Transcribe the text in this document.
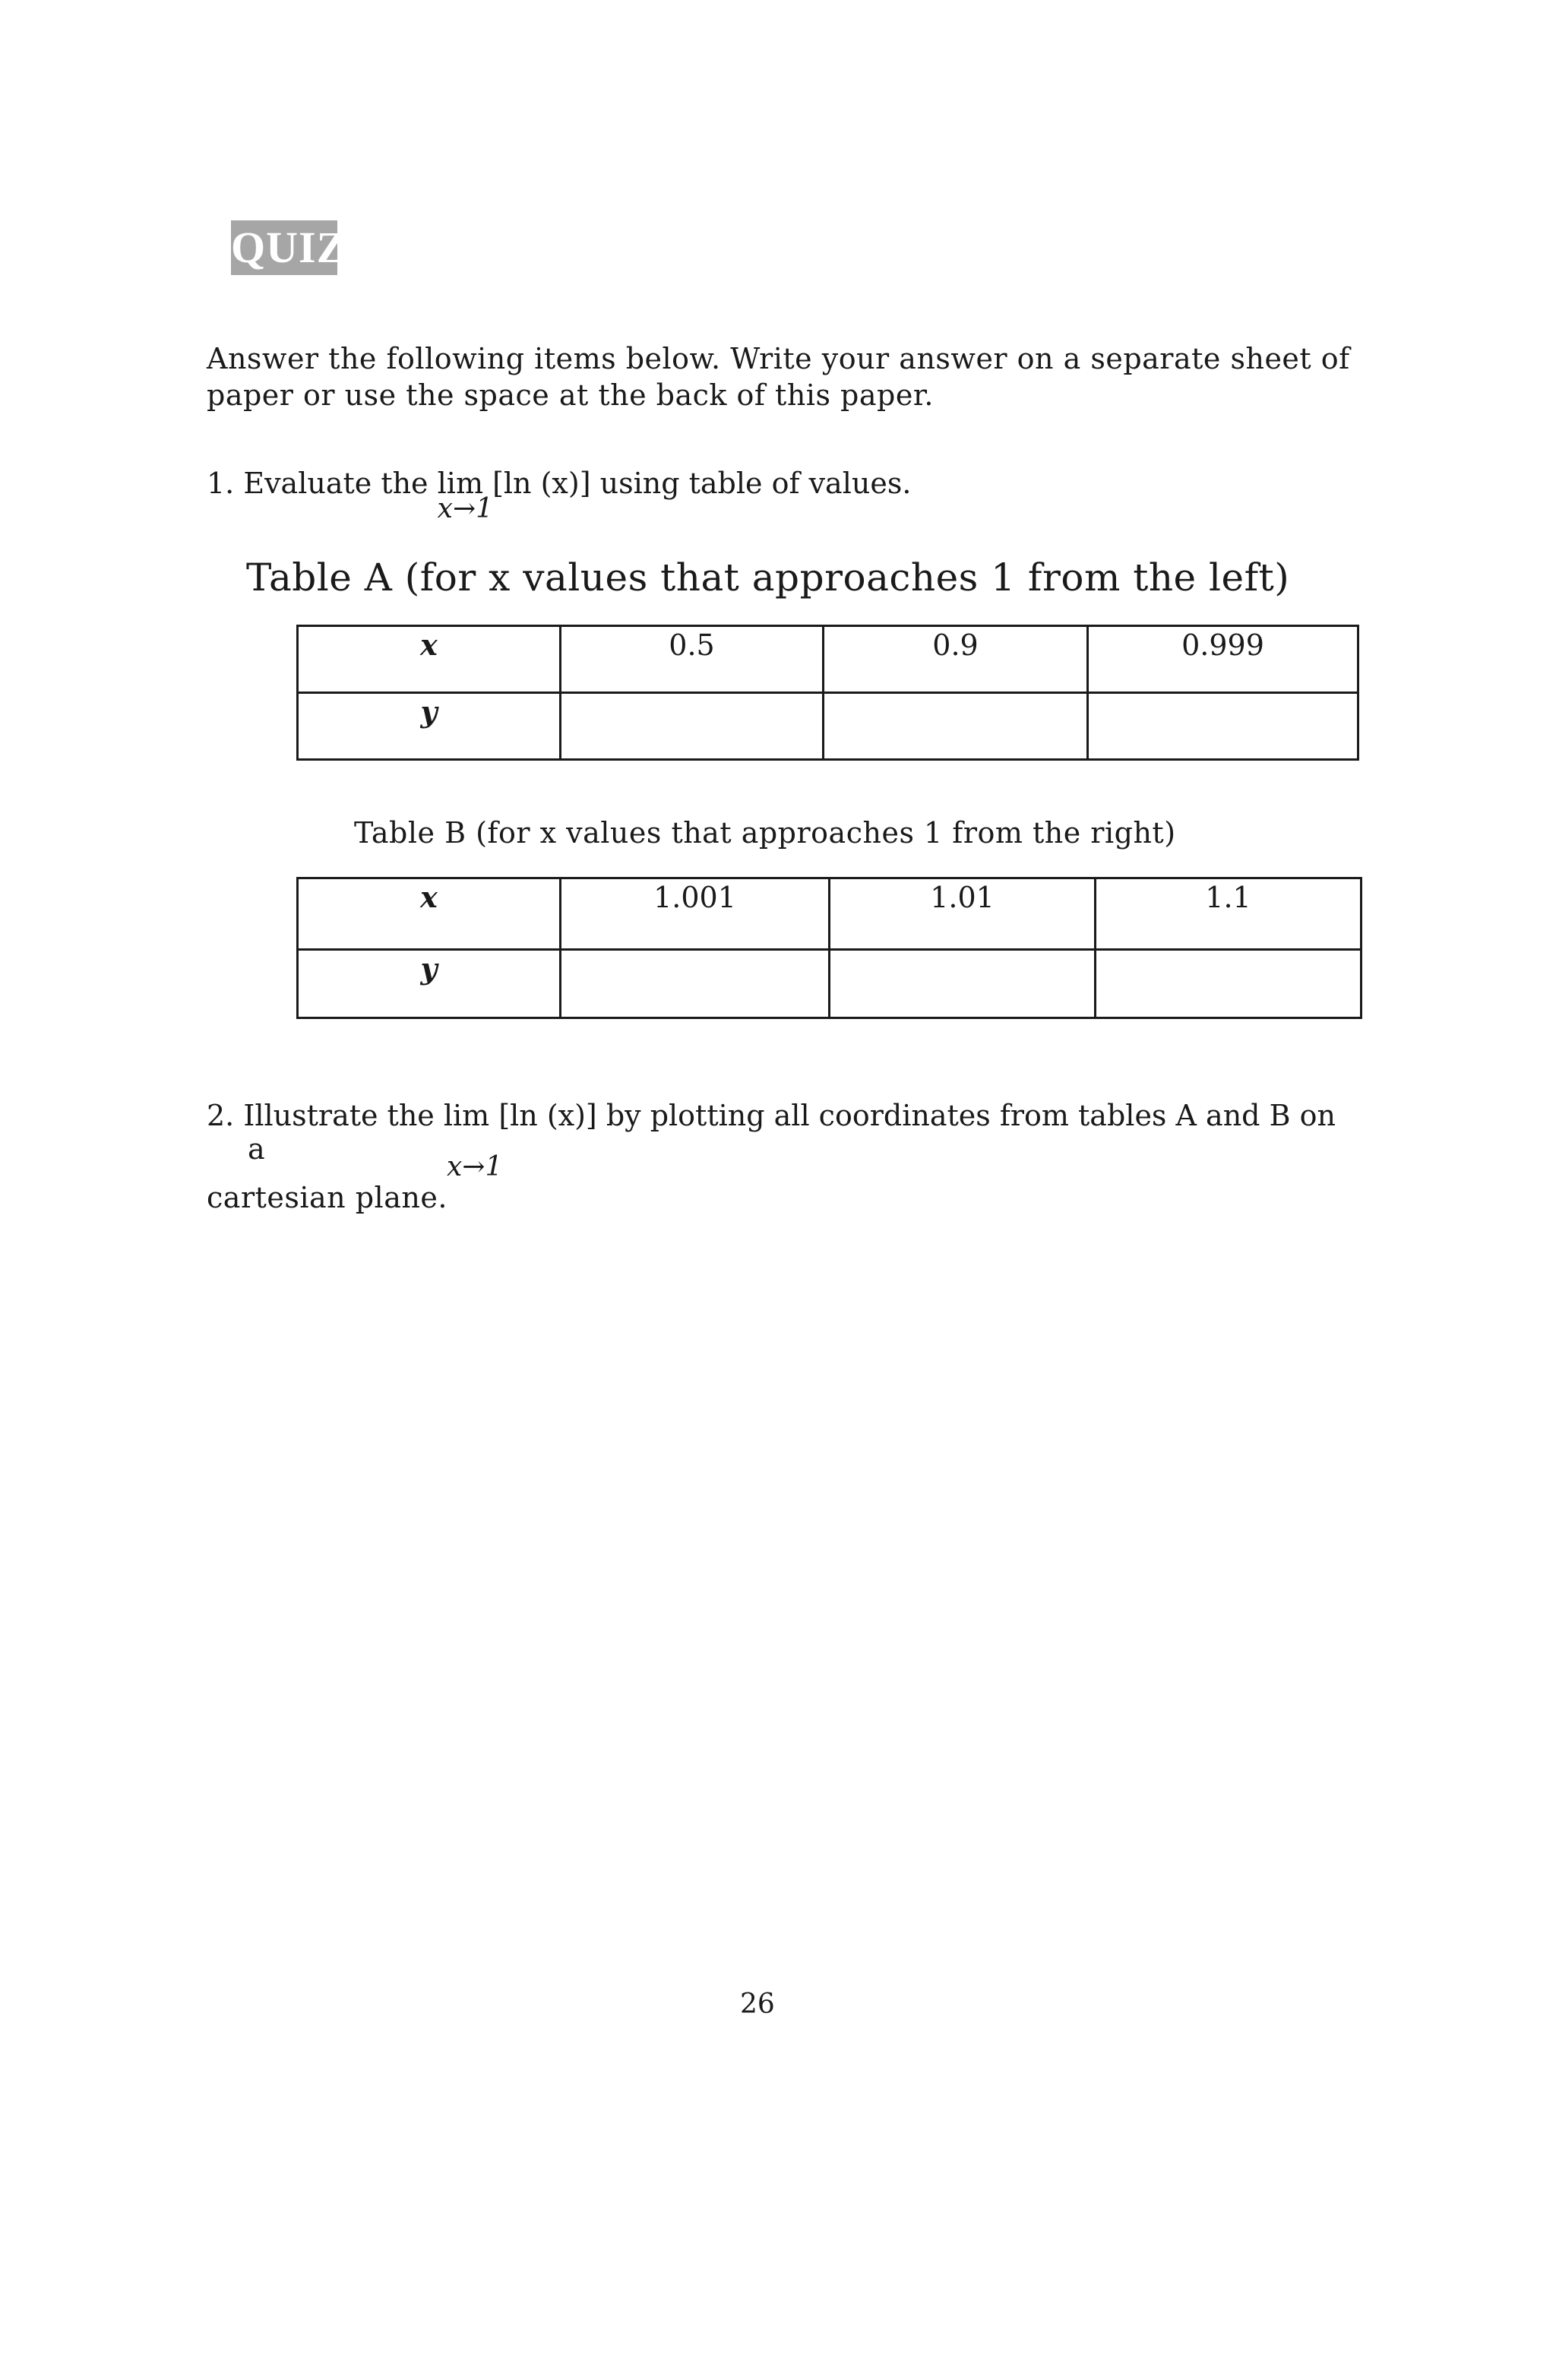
QUIZ
Answer the following items below. Write your answer on a separate sheet of paper or use the space at the back of this paper.
1. Evaluate the lim
x→1
[ln (x)] using table of values.
Table A (for x values that approaches 1 from the left)
x	0.5	0.9	0.999
y			
Table B (for x values that approaches 1 from the right)
x	1.001	1.01	1.1
y			
2. Illustrate the lim [ln (x)] by plotting all coordinates from tables A and B on
a
x→1
cartesian plane.
26
